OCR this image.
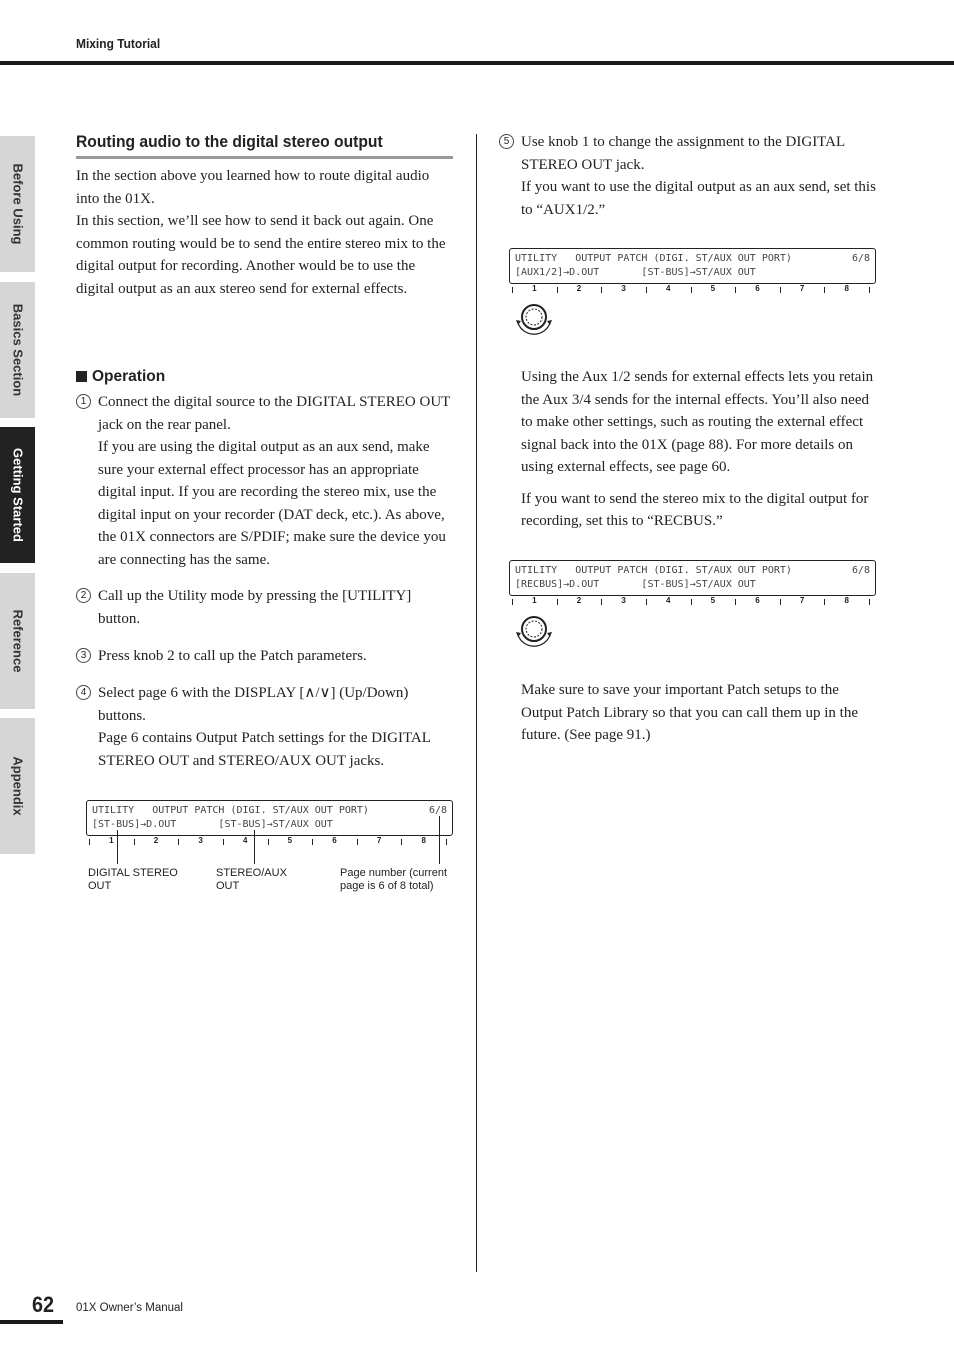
Mixing Tutorial
Before Using
Basics Section
Getting Started
Reference
Appendix
Routing audio to the digital stereo output

In the section above you learned how to route digital audio into the 01X.

In this section, we’ll see how to send it back out again. One common routing would be to send the entire stereo mix to the digital output for recording. Another would be to use the digital output as an aux stereo send for external effects.

Operation
1 Connect the digital source to the DIGITAL STEREO OUT jack on the rear panel.

If you are using the digital output as an aux send, make sure your external effect processor has an appropriate digital input. If you are recording the stereo mix, use the digital input on your recorder (DAT deck, etc.). As above, the 01X connectors are S/PDIF; make sure the device you are connecting has the same.

2 Call up the Utility mode by pressing the [UTILITY] button.

3 Press knob 2 to call up the Patch parameters.

4 Select page 6 with the DISPLAY [∧/∨] (Up/Down) buttons.

Page 6 contains Output Patch settings for the DIGITAL STEREO OUT and STEREO/AUX OUT jacks.

UTILITY   OUTPUT PATCH (DIGI. ST/AUX OUT PORT)	6/8
[ST-BUS]→D.OUT       [ST-BUS]→ST/AUX OUT
1	2	3	4	5	6	7	8
DIGITAL STEREO
OUT
STEREO/AUX
OUT
Page number (current
page is 6 of 8 total)
5 Use knob 1 to change the assignment to the DIGITAL STEREO OUT jack.

If you want to use the digital output as an aux send, set this to “AUX1/2.”

UTILITY   OUTPUT PATCH (DIGI. ST/AUX OUT PORT)	6/8
[AUX1/2]→D.OUT       [ST-BUS]→ST/AUX OUT
1	2	3	4	5	6	7	8

Using the Aux 1/2 sends for external effects lets you retain the Aux 3/4 sends for the internal effects. You’ll also need to make other settings, such as routing the external effect signal back into the 01X (page 88). For more details on using external effects, see page 60.

If you want to send the stereo mix to the digital output for recording, set this to “RECBUS.”

UTILITY   OUTPUT PATCH (DIGI. ST/AUX OUT PORT)	6/8
[RECBUS]→D.OUT       [ST-BUS]→ST/AUX OUT
1	2	3	4	5	6	7	8

Make sure to save your important Patch setups to the Output Patch Library so that you can call them up in the future. (See page 91.)

62 01X Owner’s Manual
